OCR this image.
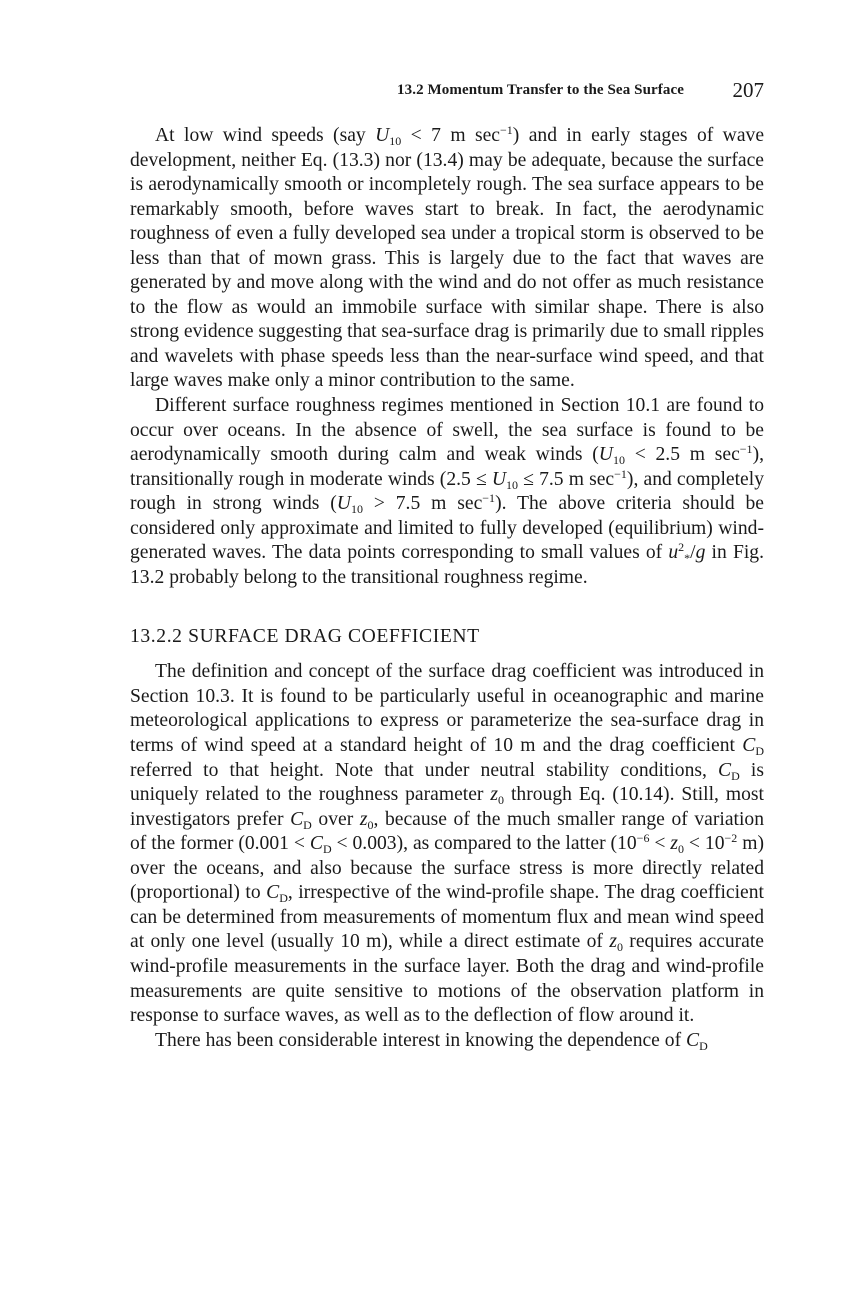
13.2 Momentum Transfer to the Sea Surface 207

At low wind speeds (say $U_{10} < 7$ m $\sec^{-1}$) and in early stages of wave development, neither Eq. (13.3) nor (13.4) may be adequate, because the surface is aerodynamically smooth or incompletely rough. The sea surface appears to be remarkably smooth, before waves start to break. In fact, the aerodynamic roughness of even a fully developed sea under a tropical storm is observed to be less than that of mown grass. This is largely due to the fact that waves are generated by and move along with the wind and do not offer as much resistance to the flow as would an immobile surface with similar shape. There is also strong evidence suggesting that sea-surface drag is primarily due to small ripples and wavelets with phase speeds less than the near-surface wind speed, and that large waves make only a minor contribution to the same.

Different surface roughness regimes mentioned in Section 10.1 are found to occur over oceans. In the absence of swell, the sea surface is found to be aerodynamically smooth during calm and weak winds ($U_{10} < 2.5$ m $\sec^{-1}$), transitionally rough in moderate winds ($2.5 \le U_{10} \le 7.5$ m $\sec^{-1}$), and completely rough in strong winds ($U_{10} > 7.5$ m $\sec^{-1}$). The above criteria should be considered only approximate and limited to fully developed (equilibrium) wind-generated waves. The data points corresponding to small values of $u^2_*/g$ in Fig. 13.2 probably belong to the transitional roughness regime.

13.2.2 SURFACE DRAG COEFFICIENT

The definition and concept of the surface drag coefficient was introduced in Section 10.3. It is found to be particularly useful in oceanographic and marine meteorological applications to express or parameterize the sea-surface drag in terms of wind speed at a standard height of 10 m and the drag coefficient $C_D$ referred to that height. Note that under neutral stability conditions, $C_D$ is uniquely related to the roughness parameter $z_0$ through Eq. (10.14). Still, most investigators prefer $C_D$ over $z_0$, because of the much smaller range of variation of the former $(0.001 < C_D < 0.003)$, as compared to the latter ($10^{-6} < z_0 < 10^{-2}$ m) over the oceans, and also because the surface stress is more directly related (proportional) to $C_D$, irrespective of the wind-profile shape. The drag coefficient can be determined from measurements of momentum flux and mean wind speed at only one level (usually 10 m), while a direct estimate of $z_0$ requires accurate wind-profile measurements in the surface layer. Both the drag and wind-profile measurements are quite sensitive to motions of the observation platform in response to surface waves, as well as to the deflection of flow around it.

There has been considerable interest in knowing the dependence of $C_D$
